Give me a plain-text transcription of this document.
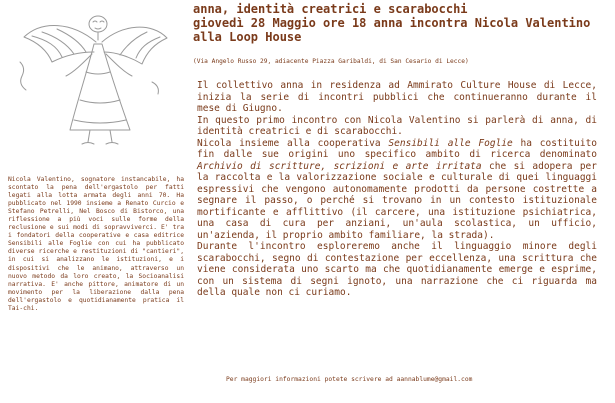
anna, identità creatrici e scarabocchi
giovedì 28 Maggio ore 18 anna incontra Nicola Valentino
alla Loop House
(Via Angelo Russo 29, adiacente Piazza Garibaldi, di San Cesario di Lecce)

Il collettivo anna in residenza ad Ammirato Culture House di Lecce, inizia la serie di incontri pubblici che continueranno durante il mese di Giugno.

In questo primo incontro con Nicola Valentino si parlerà di anna, di identità creatrici e di scarabocchi.

Nicola insieme alla cooperativa Sensibili alle Foglie ha costituito fin dalle sue origini uno specifico ambito di ricerca denominato Archivio di scritture, scrizioni e arte irritata che si adopera per la raccolta e la valorizzazione sociale e culturale di quei linguaggi espressivi che vengono autonomamente prodotti da persone costrette a segnare il passo, o perché si trovano in un contesto istituzionale mortificante e afflittivo (il carcere, una istituzione psichiatrica, una casa di cura per anziani, un'aula scolastica, un ufficio, un'azienda, il proprio ambito familiare, la strada).

Durante l'incontro esploreremo anche il linguaggio minore degli scarabocchi, segno di contestazione per eccellenza, una scrittura che viene considerata uno scarto ma che quotidianamente emerge e esprime, con un sistema di segni ignoto, una narrazione che ci riguarda ma della quale non ci curiamo.

Nicola Valentino, sognatore instancabile, ha scontato la pena dell'ergastolo per fatti legati alla lotta armata degli anni 70. Ha pubblicato nel 1990 insieme a Renato Curcio e Stefano Petrelli, Nel Bosco di Bistorco, una riflessione a più voci sulle forme della reclusione e sui modi di sopravviverci. E' tra i fondatori della cooperative e casa editrice Sensibili alle Foglie con cui ha pubblicato diverse ricerche e restituzioni di "cantieri", in cui si analizzano le istituzioni, e i dispositivi che le animano, attraverso un nuovo metodo da loro creato, la Socioanalisi narrativa. E' anche pittore, animatore di un movimento per la liberazione dalla pena dell'ergastolo e quotidianamente pratica il Tai-chi.
Per maggiori informazioni potete scrivere ad aannablume@gmail.com
